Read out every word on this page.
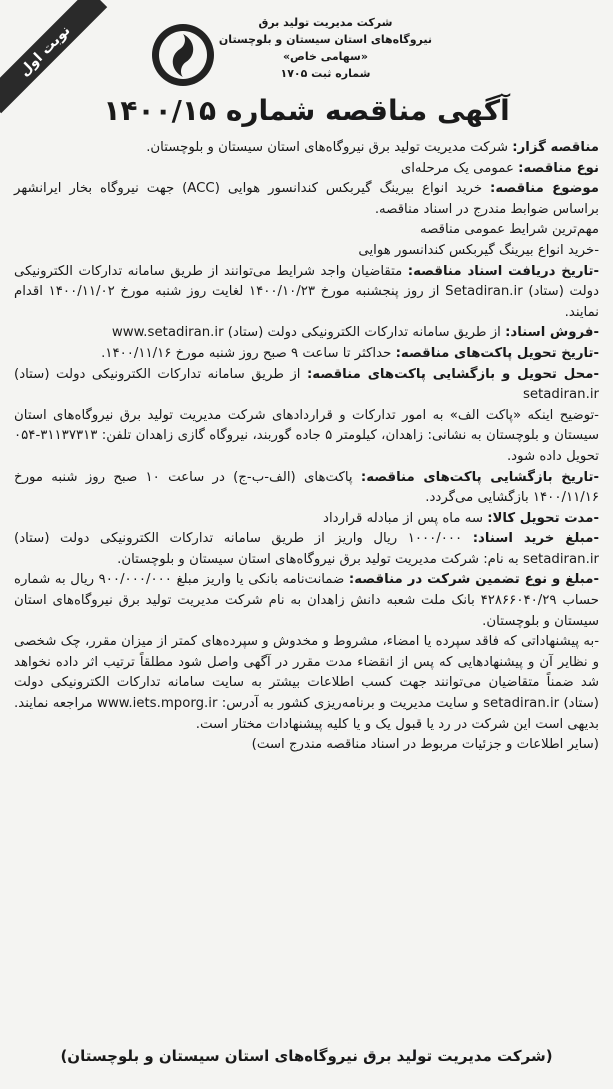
نوبت اول	شرکت مدیریت تولید برق
نیروگاه‌های استان سیستان و بلوچستان
«سهامی خاص»
شماره ثبت ۱۷۰۵
آگهی مناقصه شماره ۱۴۰۰/۱۵

مناقصه گزار: شرکت مدیریت تولید برق نیروگاه‌های استان سیستان و بلوچستان.

نوع مناقصه: عمومی یک مرحله‌ای

موضوع مناقصه: خرید انواع بیرینگ گیربکس کندانسور هوایی (ACC) جهت نیروگاه بخار ایرانشهر براساس ضوابط مندرج در اسناد مناقصه.

مهم‌ترین شرایط عمومی مناقصه

-خرید انواع بیرینگ گیربکس کندانسور هوایی

-تاریخ دریافت اسناد مناقصه: متقاضیان واجد شرایط می‌توانند از طریق سامانه تدارکات الکترونیکی دولت (ستاد) Setadiran.ir از روز پنجشنبه مورخ ۱۴۰۰/۱۰/۲۳ لغایت روز شنبه مورخ ۱۴۰۰/۱۱/۰۲ اقدام نمایند.

-فروش اسناد: از طریق سامانه تدارکات الکترونیکی دولت (ستاد) www.setadiran.ir

-تاریخ تحویل پاکت‌های مناقصه: حداکثر تا ساعت ۹ صبح روز شنبه مورخ ۱۴۰۰/۱۱/۱۶.

-محل تحویل و بازگشایی پاکت‌های مناقصه: از طریق سامانه تدارکات الکترونیکی دولت (ستاد) setadiran.ir

-توضیح اینکه «پاکت الف» به امور تدارکات و قراردادهای شرکت مدیریت تولید برق نیروگاه‌های استان سیستان و بلوچستان به نشانی: زاهدان، کیلومتر ۵ جاده گوربند، نیروگاه گازی زاهدان تلفن: ۳۱۱۳۷۳۱۳-۰۵۴ تحویل داده شود.

-تاریخ بازگشایی پاکت‌های مناقصه: پاکت‌های (الف-ب-ج) در ساعت ۱۰ صبح روز شنبه مورخ ۱۴۰۰/۱۱/۱۶ بازگشایی می‌گردد.

-مدت تحویل کالا: سه ماه پس از مبادله قرارداد

-مبلغ خرید اسناد: ۱۰۰۰/۰۰۰ ریال واریز از طریق سامانه تدارکات الکترونیکی دولت (ستاد) setadiran.ir به نام: شرکت مدیریت تولید برق نیروگاه‌های استان سیستان و بلوچستان.

-مبلغ و نوع تضمین شرکت در مناقصه: ضمانت‌نامه بانکی یا واریز مبلغ ۹۰۰/۰۰۰/۰۰۰ ریال به شماره حساب ۴۲۸۶۶۰۴۰/۲۹ بانک ملت شعبه دانش زاهدان به نام شرکت مدیریت تولید برق نیروگاه‌های استان سیستان و بلوچستان.

-به پیشنهاداتی که فاقد سپرده یا امضاء، مشروط و مخدوش و سپرده‌های کمتر از میزان مقرر، چک شخصی و نظایر آن و پیشنهادهایی که پس از انقضاء مدت مقرر در آگهی واصل شود مطلقاً ترتیب اثر داده نخواهد شد ضمناً متقاضیان می‌توانند جهت کسب اطلاعات بیشتر به سایت سامانه تدارکات الکترونیکی دولت (ستاد) setadiran.ir و سایت مدیریت و برنامه‌ریزی کشور به آدرس: www.iets.mporg.ir مراجعه نمایند. بدیهی است این شرکت در رد یا قبول یک و یا کلیه پیشنهادات مختار است.

(سایر اطلاعات و جزئیات مربوط در اسناد مناقصه مندرج است)

(شرکت مدیریت تولید برق نیروگاه‌های استان سیستان و بلوچستان)
